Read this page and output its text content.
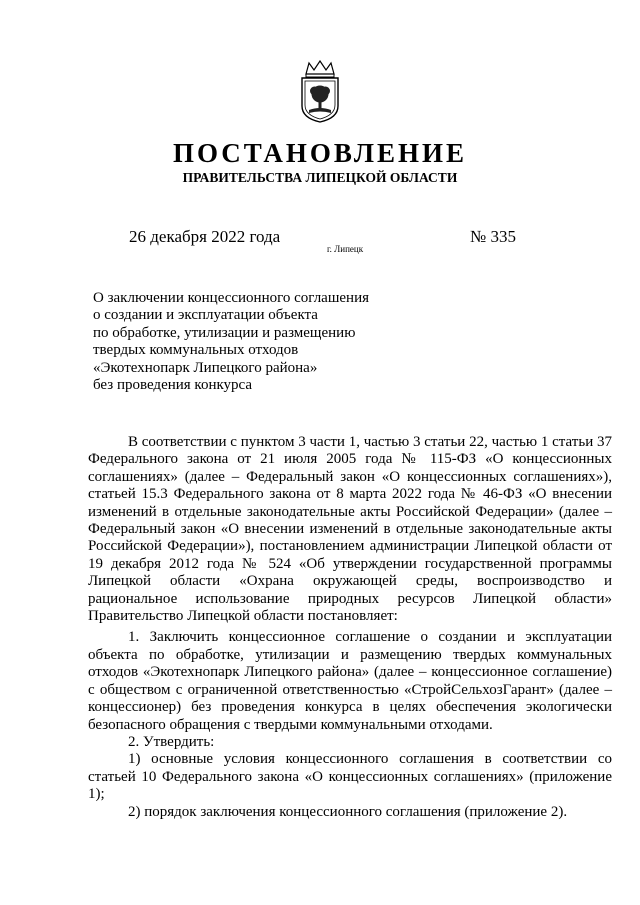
ПОСТАНОВЛЕНИЕ
ПРАВИТЕЛЬСТВА ЛИПЕЦКОЙ ОБЛАСТИ
26 декабря 2022 года
г. Липецк
№ 335
О заключении концессионного соглашения
о создании и эксплуатации объекта
по обработке, утилизации и размещению
твердых коммунальных отходов
«Экотехнопарк Липецкого района»
без проведения конкурса

В соответствии с пунктом 3 части 1, частью 3 статьи 22, частью 1 статьи 37 Федерального закона от 21 июля 2005 года № 115-ФЗ «О концессионных соглашениях» (далее – Федеральный закон «О концессионных соглашениях»), статьей 15.3 Федерального закона от 8 марта 2022 года № 46-ФЗ «О внесении изменений в отдельные законодательные акты Российской Федерации» (далее – Федеральный закон «О внесении изменений в отдельные законодательные акты Российской Федерации»), постановлением администрации Липецкой области от 19 декабря 2012 года № 524 «Об утверждении государственной программы Липецкой области «Охрана окружающей среды, воспроизводство и рациональное использование природных ресурсов Липецкой области» Правительство Липецкой области постановляет:

1. Заключить концессионное соглашение о создании и эксплуатации объекта по обработке, утилизации и размещению твердых коммунальных отходов «Экотехнопарк Липецкого района» (далее – концессионное соглашение) с обществом с ограниченной ответственностью «СтройСельхозГарант» (далее – концессионер) без проведения конкурса в целях обеспечения экологически безопасного обращения с твердыми коммунальными отходами.

2. Утвердить:

1) основные условия концессионного соглашения в соответствии со статьей 10 Федерального закона «О концессионных соглашениях» (приложение 1);

2) порядок заключения концессионного соглашения (приложение 2).
